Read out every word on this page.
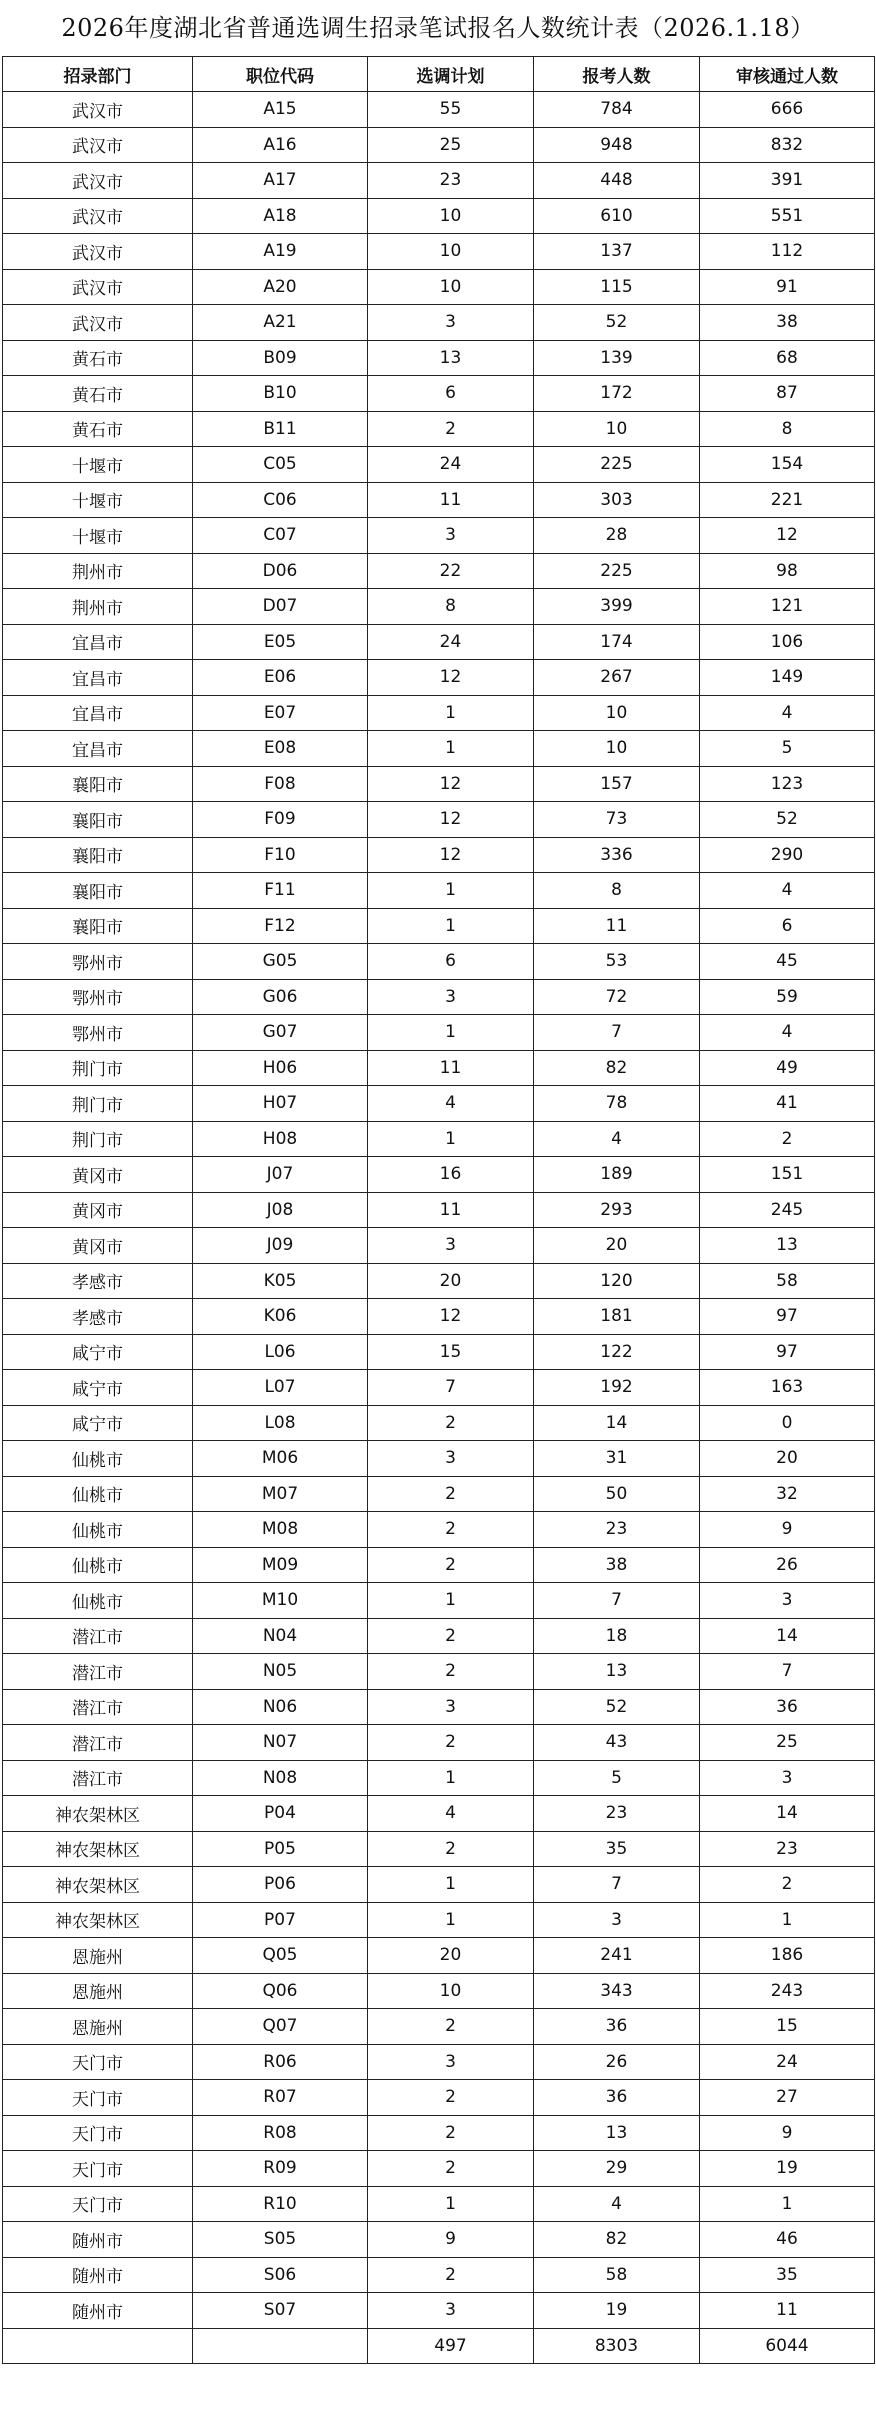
2026年度湖北省普通选调生招录笔试报名人数统计表（2026.1.18）
招录部门	职位代码	选调计划	报考人数	审核通过人数
武汉市	A15	55	784	666
武汉市	A16	25	948	832
武汉市	A17	23	448	391
武汉市	A18	10	610	551
武汉市	A19	10	137	112
武汉市	A20	10	115	91
武汉市	A21	3	52	38
黄石市	B09	13	139	68
黄石市	B10	6	172	87
黄石市	B11	2	10	8
十堰市	C05	24	225	154
十堰市	C06	11	303	221
十堰市	C07	3	28	12
荆州市	D06	22	225	98
荆州市	D07	8	399	121
宜昌市	E05	24	174	106
宜昌市	E06	12	267	149
宜昌市	E07	1	10	4
宜昌市	E08	1	10	5
襄阳市	F08	12	157	123
襄阳市	F09	12	73	52
襄阳市	F10	12	336	290
襄阳市	F11	1	8	4
襄阳市	F12	1	11	6
鄂州市	G05	6	53	45
鄂州市	G06	3	72	59
鄂州市	G07	1	7	4
荆门市	H06	11	82	49
荆门市	H07	4	78	41
荆门市	H08	1	4	2
黄冈市	J07	16	189	151
黄冈市	J08	11	293	245
黄冈市	J09	3	20	13
孝感市	K05	20	120	58
孝感市	K06	12	181	97
咸宁市	L06	15	122	97
咸宁市	L07	7	192	163
咸宁市	L08	2	14	0
仙桃市	M06	3	31	20
仙桃市	M07	2	50	32
仙桃市	M08	2	23	9
仙桃市	M09	2	38	26
仙桃市	M10	1	7	3
潜江市	N04	2	18	14
潜江市	N05	2	13	7
潜江市	N06	3	52	36
潜江市	N07	2	43	25
潜江市	N08	1	5	3
神农架林区	P04	4	23	14
神农架林区	P05	2	35	23
神农架林区	P06	1	7	2
神农架林区	P07	1	3	1
恩施州	Q05	20	241	186
恩施州	Q06	10	343	243
恩施州	Q07	2	36	15
天门市	R06	3	26	24
天门市	R07	2	36	27
天门市	R08	2	13	9
天门市	R09	2	29	19
天门市	R10	1	4	1
随州市	S05	9	82	46
随州市	S06	2	58	35
随州市	S07	3	19	11
		497	8303	6044
